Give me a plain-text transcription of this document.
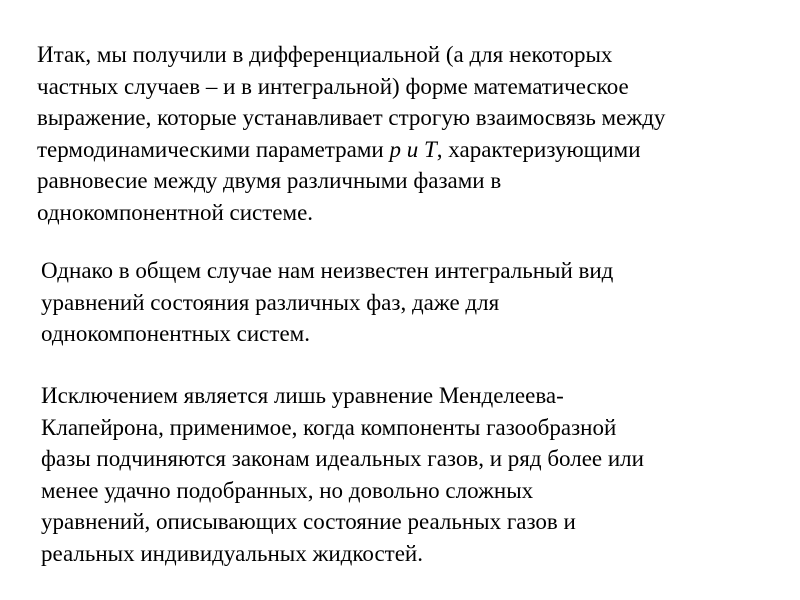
Итак, мы получили в дифференциальной (а для некоторых
частных случаев – и в интегральной) форме математическое
выражение, которые устанавливает строгую взаимосвязь между
термодинамическими параметрами p и T, характеризующими
равновесие между двумя различными фазами в
однокомпонентной системе.
Однако в общем случае нам неизвестен интегральный вид
уравнений состояния различных фаз, даже для
однокомпонентных систем.
Исключением является лишь уравнение Менделеева-
Клапейрона, применимое, когда компоненты газообразной
фазы подчиняются законам идеальных газов, и ряд более или
менее удачно подобранных, но довольно сложных
уравнений, описывающих состояние реальных газов и
реальных индивидуальных жидкостей.
